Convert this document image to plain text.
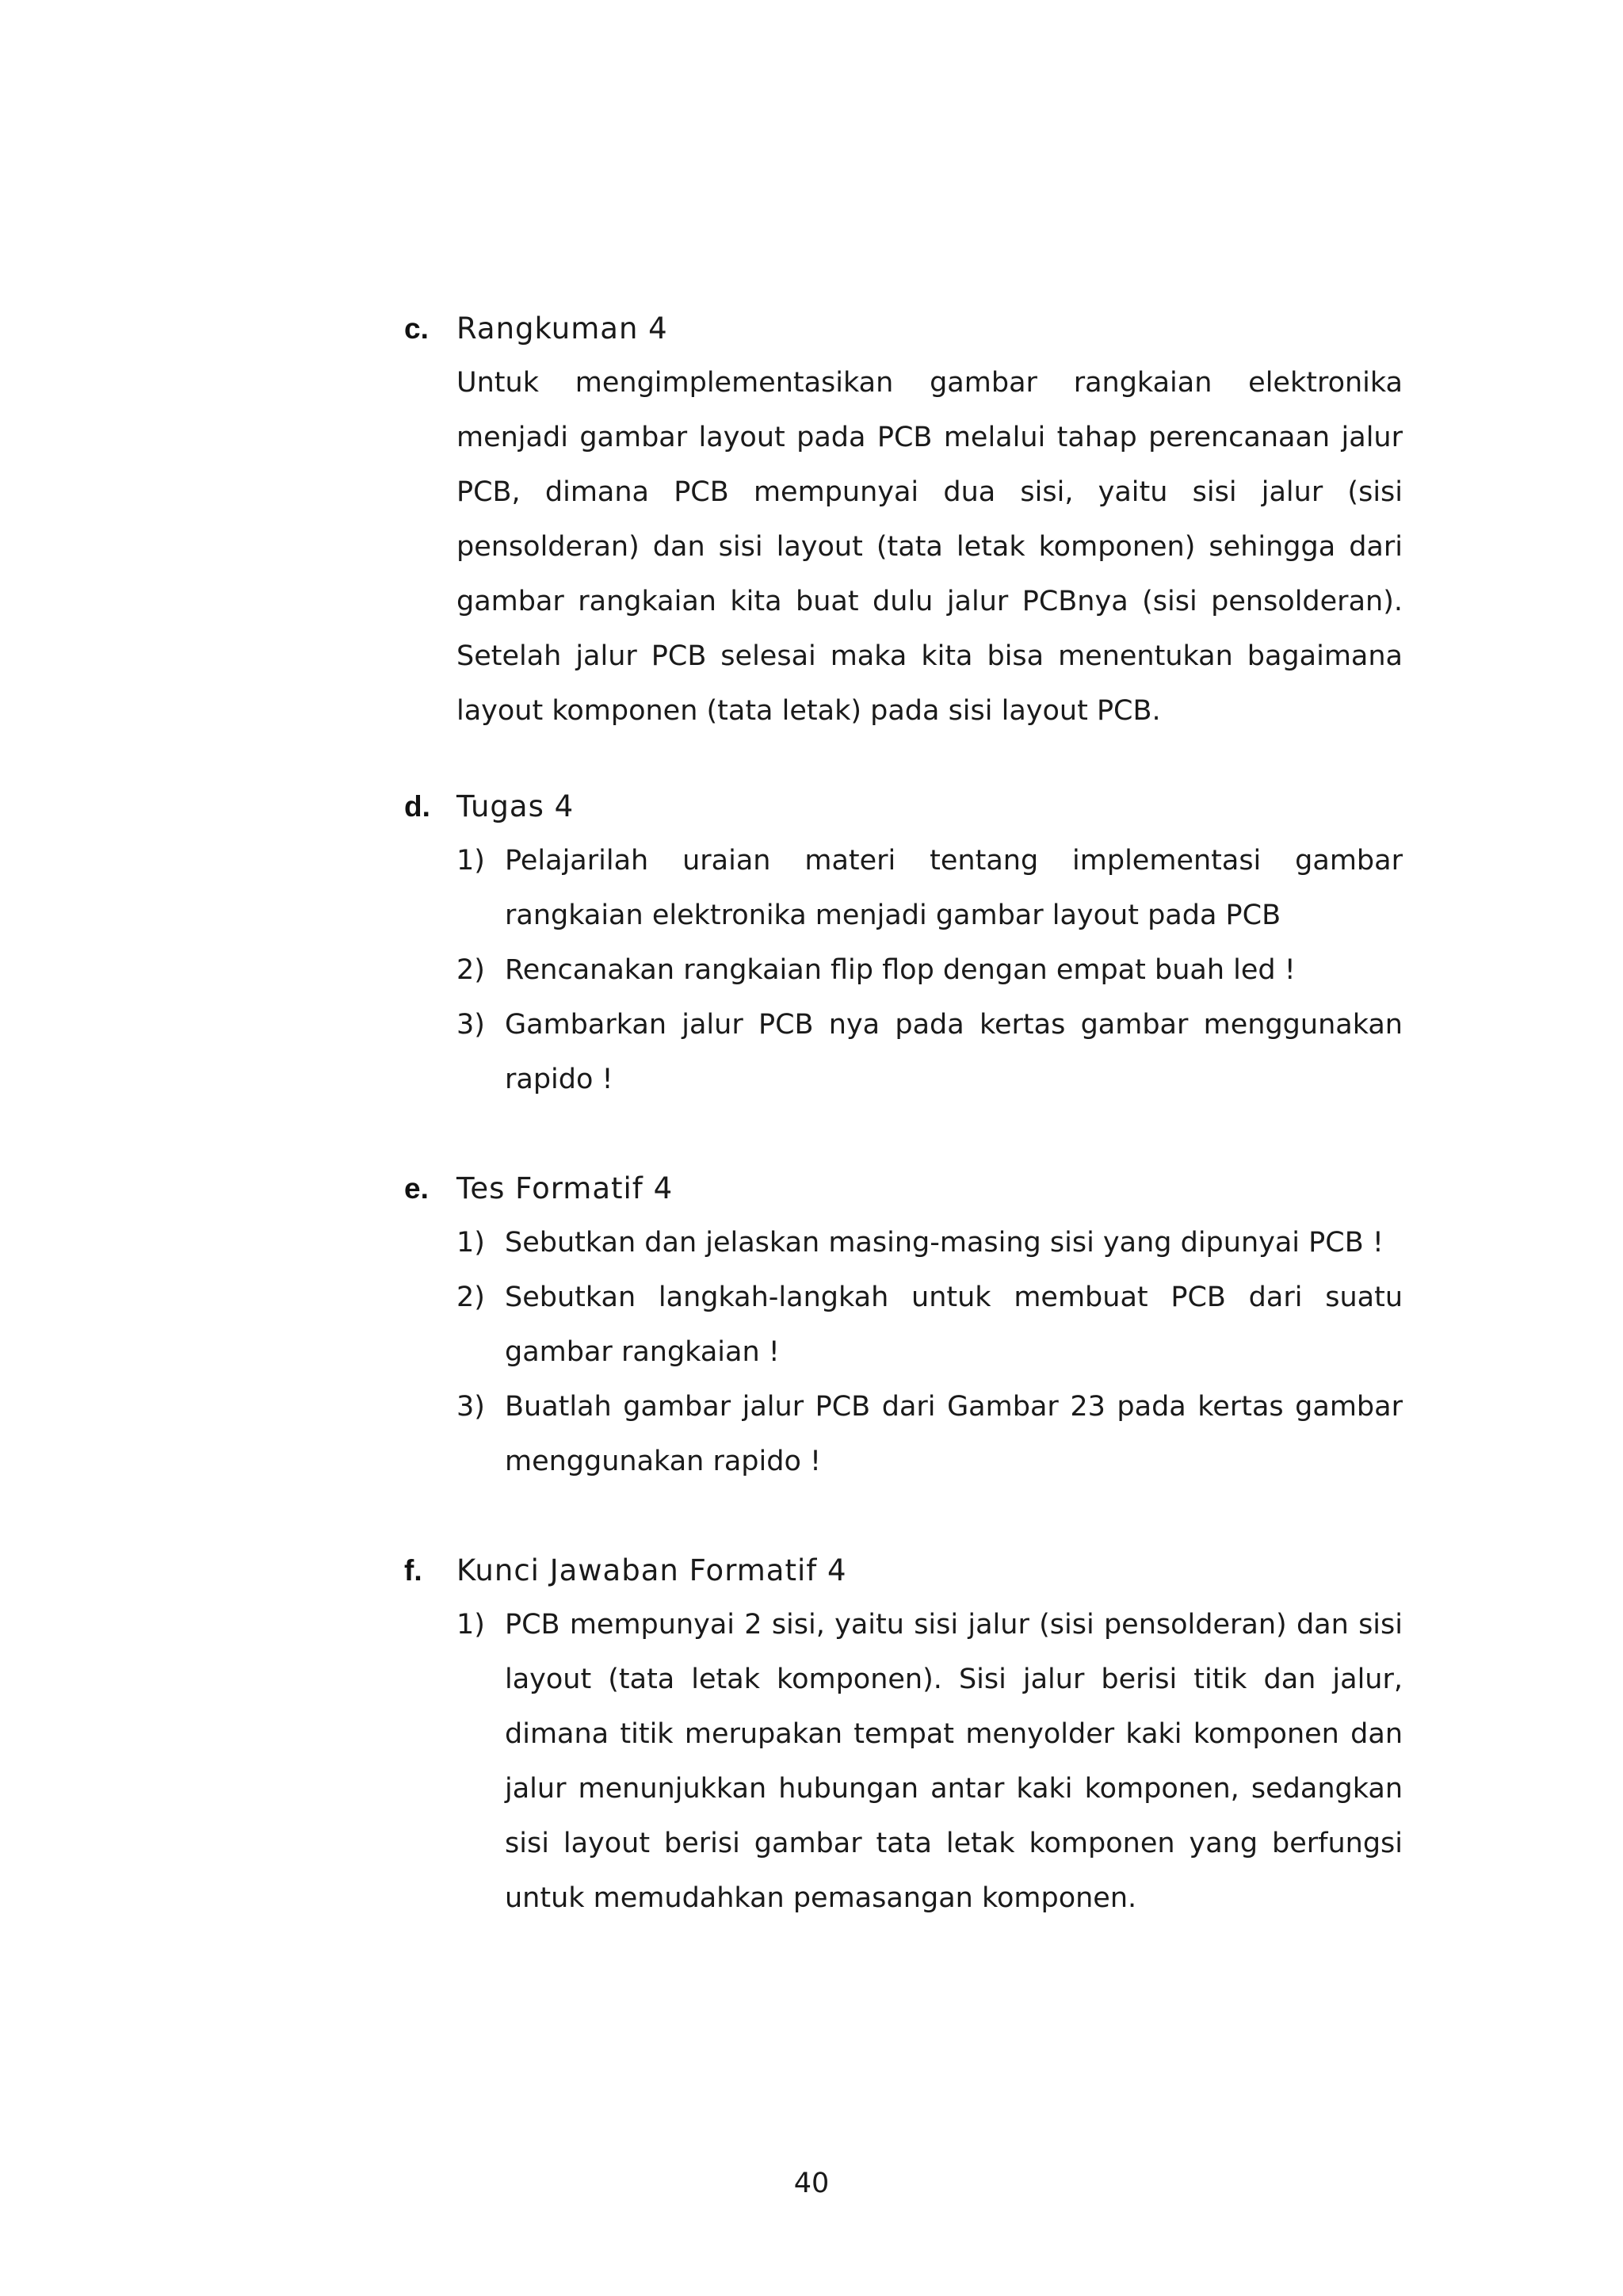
c. Rangkuman 4
Untuk mengimplementasikan gambar rangkaian elektronika menjadi gambar layout pada PCB melalui tahap perencanaan jalur PCB, dimana PCB mempunyai dua sisi, yaitu sisi jalur (sisi pensolderan) dan sisi layout (tata letak komponen) sehingga dari gambar rangkaian kita buat dulu jalur PCBnya (sisi pensolderan). Setelah jalur PCB selesai maka kita bisa menentukan bagaimana layout komponen (tata letak) pada sisi layout PCB.
d. Tugas 4
1) Pelajarilah uraian materi tentang implementasi gambar rangkaian elektronika menjadi gambar layout pada PCB
2) Rencanakan rangkaian flip flop dengan empat buah led !
3) Gambarkan jalur PCB nya pada kertas gambar menggunakan rapido !
e. Tes Formatif 4
1) Sebutkan dan jelaskan masing-masing sisi yang dipunyai PCB !
2) Sebutkan langkah-langkah untuk membuat PCB dari suatu gambar rangkaian !
3) Buatlah gambar jalur PCB dari Gambar 23 pada kertas gambar menggunakan rapido !
f. Kunci Jawaban Formatif 4
1) PCB mempunyai 2 sisi, yaitu sisi jalur (sisi pensolderan) dan sisi layout (tata letak komponen). Sisi jalur berisi titik dan jalur, dimana titik merupakan tempat menyolder kaki komponen dan jalur menunjukkan hubungan antar kaki komponen, sedangkan sisi layout berisi gambar tata letak komponen yang berfungsi untuk memudahkan pemasangan komponen.
40
